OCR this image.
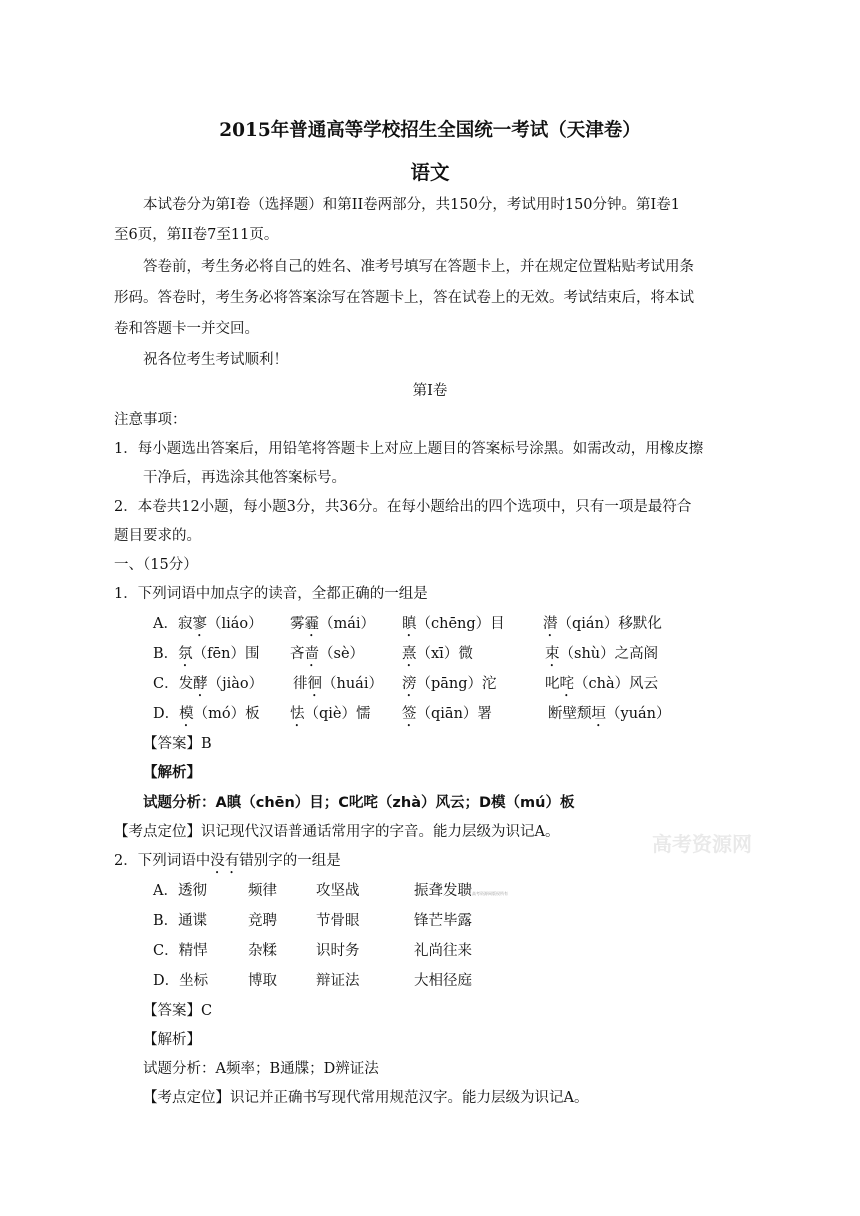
2015年普通高等学校招生全国统一考试（天津卷）
语文
本试卷分为第I卷（选择题）和第II卷两部分，共150分，考试用时150分钟。第I卷1
至6页，第II卷7至11页。
答卷前，考生务必将自己的姓名、准考号填写在答题卡上，并在规定位置粘贴考试用条
形码。答卷时，考生务必将答案涂写在答题卡上，答在试卷上的无效。考试结束后，将本试
卷和答题卡一并交回。
祝各位考生考试顺利！
第I卷
注意事项：
1．每小题选出答案后，用铅笔将答题卡上对应上题目的答案标号涂黑。如需改动，用橡皮擦
干净后，再选涂其他答案标号。
2．本卷共12小题，每小题3分，共36分。在每小题给出的四个选项中，只有一项是最符合
题目要求的。
一、（15分）
1．下列词语中加点字的读音，全都正确的一组是
A．寂寥（liáo） 雾霾（mái） 瞋（chēng）目	潜（qián）移默化
B．氛（fēn）围 吝啬（sè）	熹（xī）微	束（shù）之高阁
C．发酵（jiào） 徘徊（huái） 滂（pāng）沱	叱咤（chà）风云
D．模（mó）板 怯（qiè）懦 签（qiān）署	断壁颓垣（yuán）
【答案】B
【解析】
试题分析：A瞋（chēn）目；C叱咤（zhà）风云；D模（mú）板
【考点定位】识记现代汉语普通话常用字的字音。能力层级为识记A。	高考资源网
2．下列词语中没有错别字的一组是
A．透彻	频律	攻坚战	振聋发聩高考资源网版权所有
B．通谍	竞聘	节骨眼	锋芒毕露
C．精悍	杂糅	识时务	礼尚往来
D．坐标	博取	辩证法	大相径庭
【答案】C
【解析】
试题分析：A频率；B通牒；D辨证法
【考点定位】识记并正确书写现代常用规范汉字。能力层级为识记A。
